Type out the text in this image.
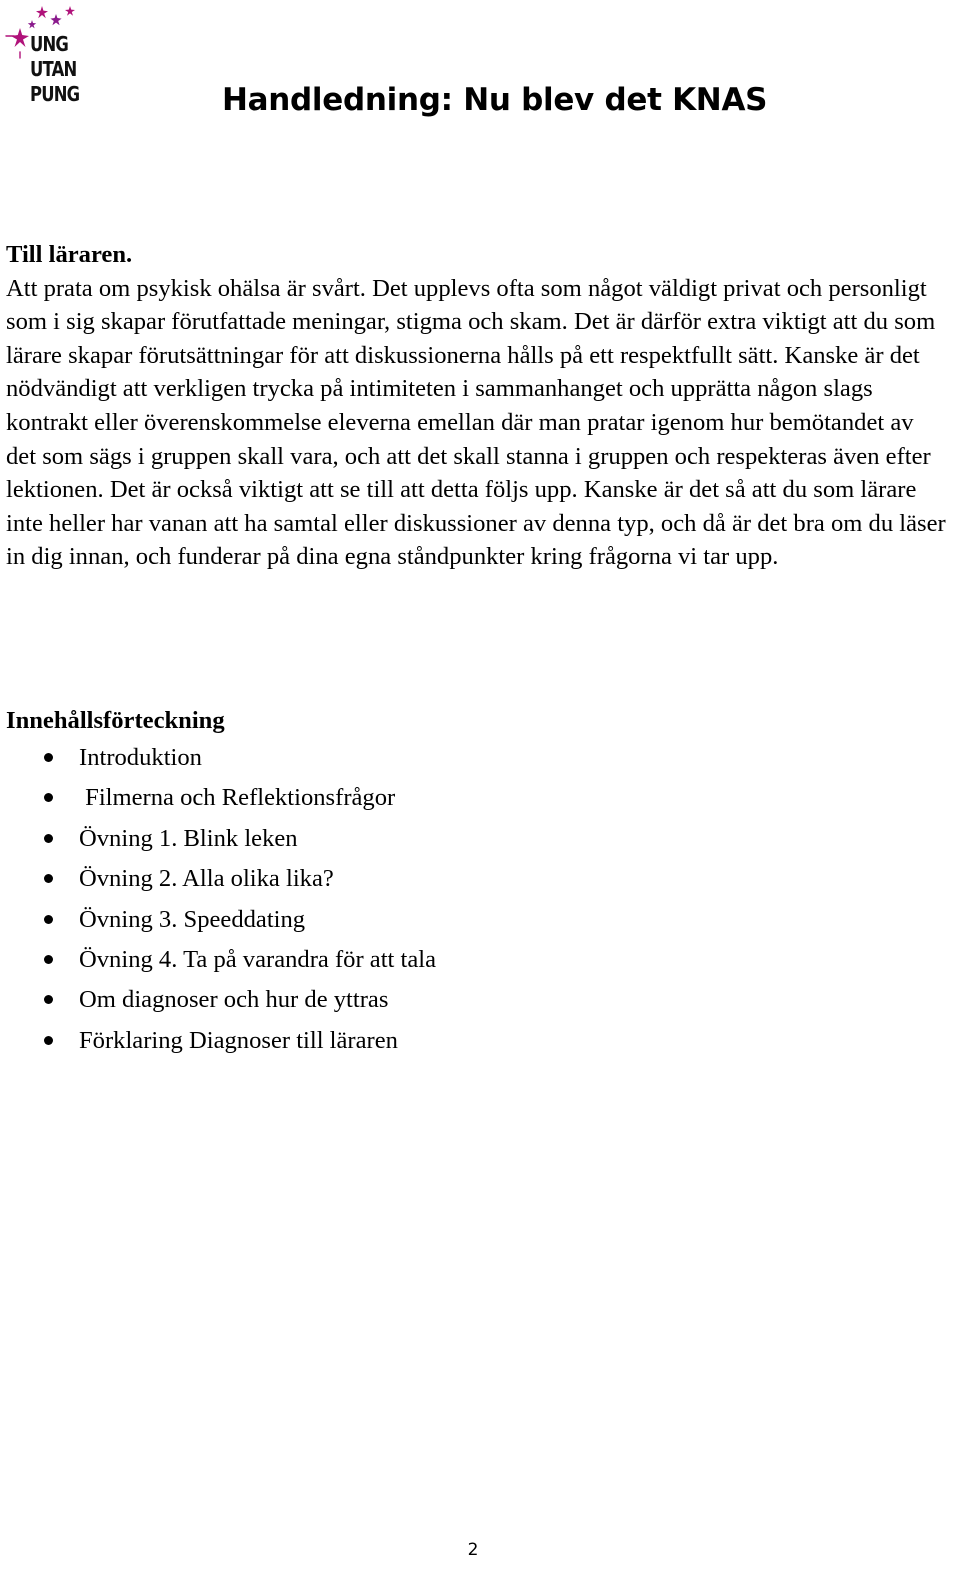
UNG
UTAN
PUNG	Handledning: Nu blev det KNAS

Till läraren.

Att prata om psykisk ohälsa är svårt. Det upplevs ofta som något väldigt privat och personligt som i sig skapar förutfattade meningar, stigma och skam. Det är därför extra viktigt att du som lärare skapar förutsättningar för att diskussionerna hålls på ett respektfullt sätt. Kanske är det nödvändigt att verkligen trycka på intimiteten i sammanhanget och upprätta någon slags kontrakt eller överenskommelse eleverna emellan där man pratar igenom hur bemötandet av det som sägs i gruppen skall vara, och att det skall stanna i gruppen och respekteras även efter lektionen. Det är också viktigt att se till att detta följs upp. Kanske är det så att du som lärare inte heller har vanan att ha samtal eller diskussioner av denna typ, och då är det bra om du läser in dig innan, och funderar på dina egna ståndpunkter kring frågorna vi tar upp.

Innehållsförteckning
Introduktion
Filmerna och Reflektionsfrågor
Övning 1. Blink leken
Övning 2. Alla olika lika?
Övning 3. Speeddating
Övning 4. Ta på varandra för att tala
Om diagnoser och hur de yttras
Förklaring Diagnoser till läraren
2
